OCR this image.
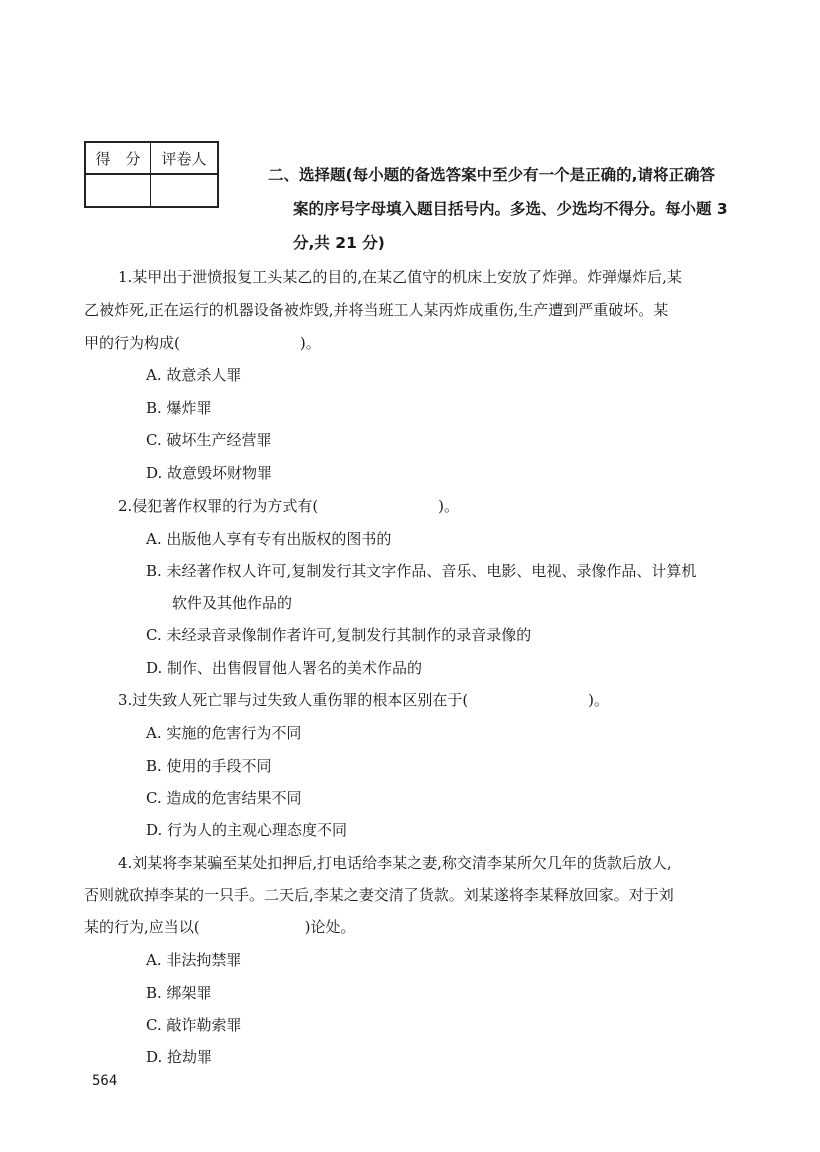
得　分	评卷人

二、选择题(每小题的备选答案中至少有一个是正确的,请将正确答
案的序号字母填入题目括号内。多选、少选均不得分。每小题 3
分,共 21 分)
1.某甲出于泄愤报复工头某乙的目的,在某乙值守的机床上安放了炸弹。炸弹爆炸后,某
乙被炸死,正在运行的机器设备被炸毁,并将当班工人某丙炸成重伤,生产遭到严重破坏。某
甲的行为构成(　　　　　　　　)。
A. 故意杀人罪
B. 爆炸罪
C. 破坏生产经营罪
D. 故意毁坏财物罪
2.侵犯著作权罪的行为方式有(　　　　　　　　)。
A. 出版他人享有专有出版权的图书的
B. 未经著作权人许可,复制发行其文字作品、音乐、电影、电视、录像作品、计算机
软件及其他作品的
C. 未经录音录像制作者许可,复制发行其制作的录音录像的
D. 制作、出售假冒他人署名的美术作品的
3.过失致人死亡罪与过失致人重伤罪的根本区别在于(　　　　　　　　)。
A. 实施的危害行为不同
B. 使用的手段不同
C. 造成的危害结果不同
D. 行为人的主观心理态度不同
4.刘某将李某骗至某处扣押后,打电话给李某之妻,称交清李某所欠几年的货款后放人,
否则就砍掉李某的一只手。二天后,李某之妻交清了货款。刘某遂将李某释放回家。对于刘
某的行为,应当以(　　　　　　　)论处。
A. 非法拘禁罪
B. 绑架罪
C. 敲诈勒索罪
D. 抢劫罪
564
